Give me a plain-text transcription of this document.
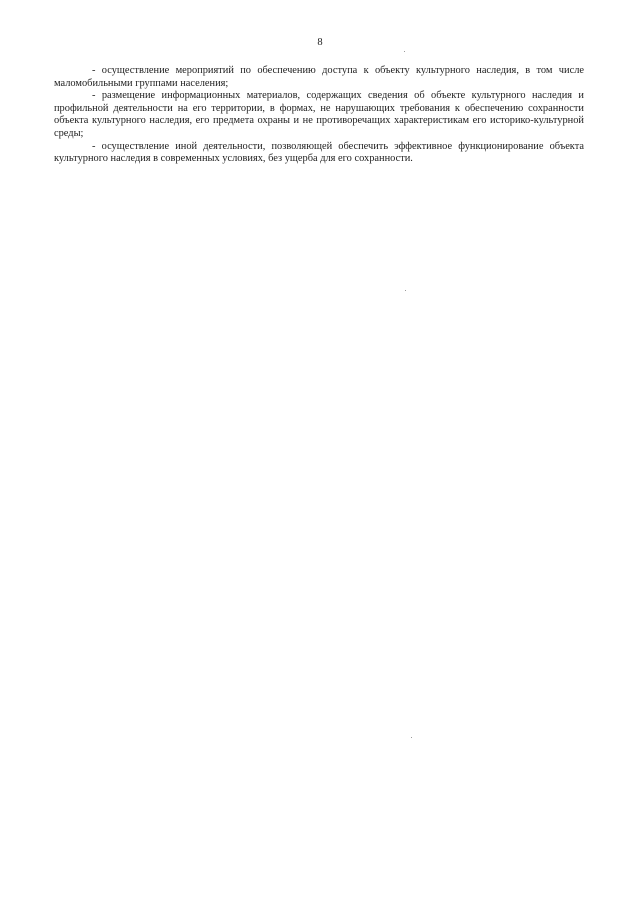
8

- осуществление мероприятий по обеспечению доступа к объекту культурного наследия, в том числе маломобильными группами населения;

- размещение информационных материалов, содержащих сведения об объекте культурного наследия и профильной деятельности на его территории, в формах, не нарушающих требования к обеспечению сохранности объекта культурного наследия, его предмета охраны и не противоречащих характеристикам его историко-культурной среды;

- осуществление иной деятельности, позволяющей обеспечить эффективное функционирование объекта культурного наследия в современных условиях, без ущерба для его сохранности.
